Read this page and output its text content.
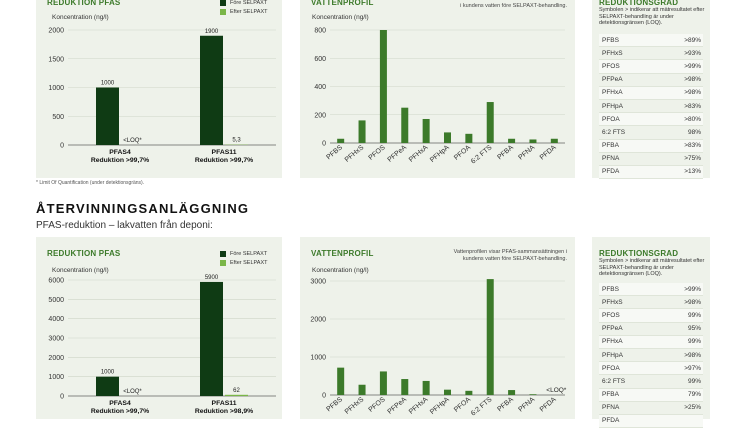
REDUKTION PFAS
Koncentration (ng/l)
Före SELPAXT
Efter SELPAXT
0
500
1000
1500
2000
1000
<LOQ*
PFAS4
Reduktion >99,7%
1900
5,3
PFAS11
Reduktion >99,7%
VATTENPROFIL
Koncentration (ng/l)
i kundens vatten före SELPAXT-behandling.
0
200
400
600
800
PFBS PFHxS PFOS PFPeA PFHxA PFHpA PFOA
6:2 FTS PFBA PFNA PFDA
REDUKTIONSGRAD
Symbolen > indikerar att mätresultatet efter SELPAXT-behandling är under detektionsgränsen (LOQ).
PFBS	>89%
PFHxS	>93%
PFOS	>99%
PFPeA	>98%
PFHxA	>98%
PFHpA	>83%
PFOA	>80%
6:2 FTS	98%
PFBA	>83%
PFNA	>75%
PFDA	>13%
* Limit Of Quantification (under detektionsgräns).
ÅTERVINNINGSANLÄGGNING
PFAS-reduktion – lakvatten från deponi:
REDUKTION PFAS
Koncentration (ng/l)
Före SELPAXT
Efter SELPAXT
0
1000
2000
3000
4000
5000
6000
1000
<LOQ*
PFAS4
Reduktion >99,7%
5900
62
PFAS11
Reduktion >98,9%
VATTENPROFIL
Koncentration (ng/l)
Vattenprofilen visar PFAS-sammansättningen i kundens vatten före SELPAXT-behandling.
0
1000
2000
3000
PFBS PFHxS PFOS PFPeA PFHxA PFHpA PFOA
6:2 FTS PFBA PFNA PFDA
<LOQ*
REDUKTIONSGRAD
Symbolen > indikerar att mätresultatet efter SELPAXT-behandling är under detektionsgränsen (LOQ).
PFBS	>99%
PFHxS	>98%
PFOS	99%
PFPeA	95%
PFHxA	99%
PFHpA	>98%
PFOA	>97%
6:2 FTS	99%
PFBA	79%
PFNA	>25%
PFDA
